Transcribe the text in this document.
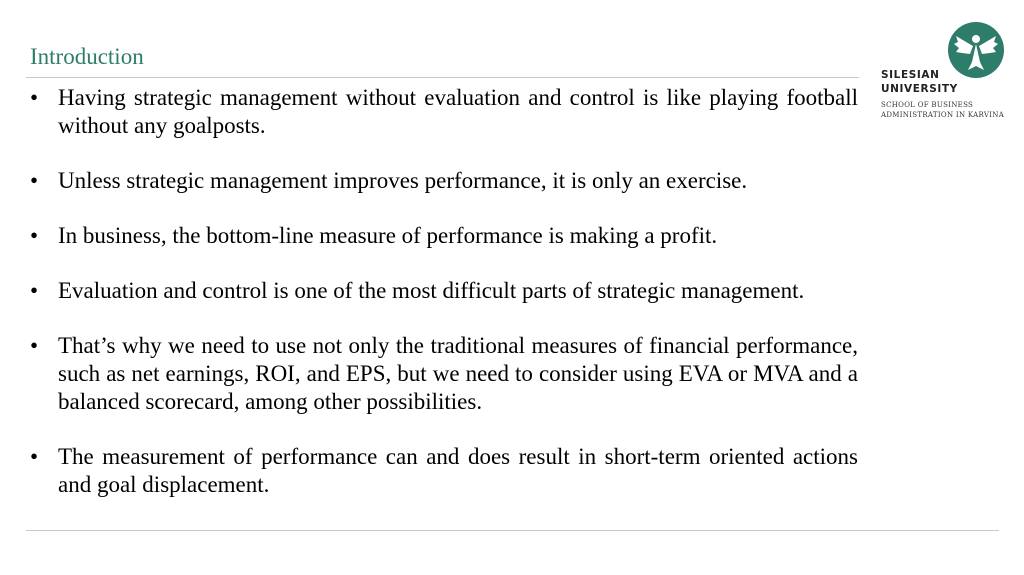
Introduction
SILESIAN
UNIVERSITY
SCHOOL OF BUSINESS
ADMINISTRATION IN KARVINA
• Having strategic management without evaluation and control is like playing football without any goalposts.
• Unless strategic management improves performance, it is only an exercise.
• In business, the bottom-line measure of performance is making a profit.
• Evaluation and control is one of the most difficult parts of strategic management.
• That’s why we need to use not only the traditional measures of financial performance, such as net earnings, ROI, and EPS, but we need to consider using EVA or MVA and a balanced scorecard, among other possibilities.
• The measurement of performance can and does result in short-term oriented actions and goal displacement.
